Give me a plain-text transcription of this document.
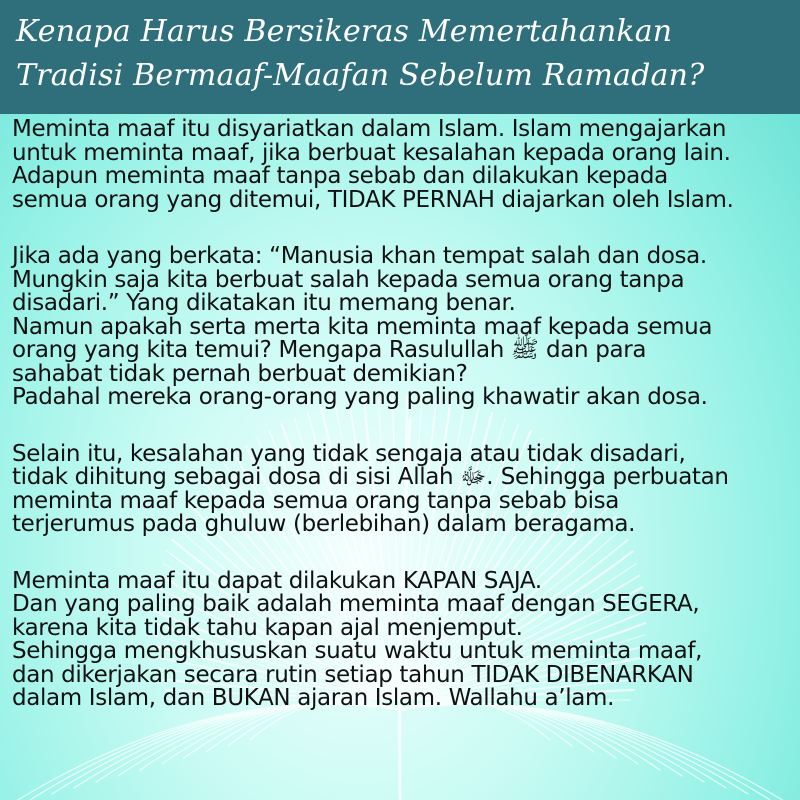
Kenapa Harus Bersikeras Memertahankan
Tradisi Bermaaf-Maafan Sebelum Ramadan?
Meminta maaf itu disyariatkan dalam Islam. Islam mengajarkan
untuk meminta maaf, jika berbuat kesalahan kepada orang lain.
Adapun meminta maaf tanpa sebab dan dilakukan kepada
semua orang yang ditemui, TIDAK PERNAH diajarkan oleh Islam.
Jika ada yang berkata: “Manusia khan tempat salah dan dosa.
Mungkin saja kita berbuat salah kepada semua orang tanpa
disadari.” Yang dikatakan itu memang benar.
Namun apakah serta merta kita meminta maaf kepada semua
orang yang kita temui? Mengapa Rasulullah ﷺ dan para
sahabat tidak pernah berbuat demikian?
Padahal mereka orang-orang yang paling khawatir akan dosa.
Selain itu, kesalahan yang tidak sengaja atau tidak disadari,
tidak dihitung sebagai dosa di sisi Allah ﷻ. Sehingga perbuatan
meminta maaf kepada semua orang tanpa sebab bisa
terjerumus pada ghuluw (berlebihan) dalam beragama.
Meminta maaf itu dapat dilakukan KAPAN SAJA.
Dan yang paling baik adalah meminta maaf dengan SEGERA,
karena kita tidak tahu kapan ajal menjemput.
Sehingga mengkhususkan suatu waktu untuk meminta maaf,
dan dikerjakan secara rutin setiap tahun TIDAK DIBENARKAN
dalam Islam, dan BUKAN ajaran Islam. Wallahu a’lam.
